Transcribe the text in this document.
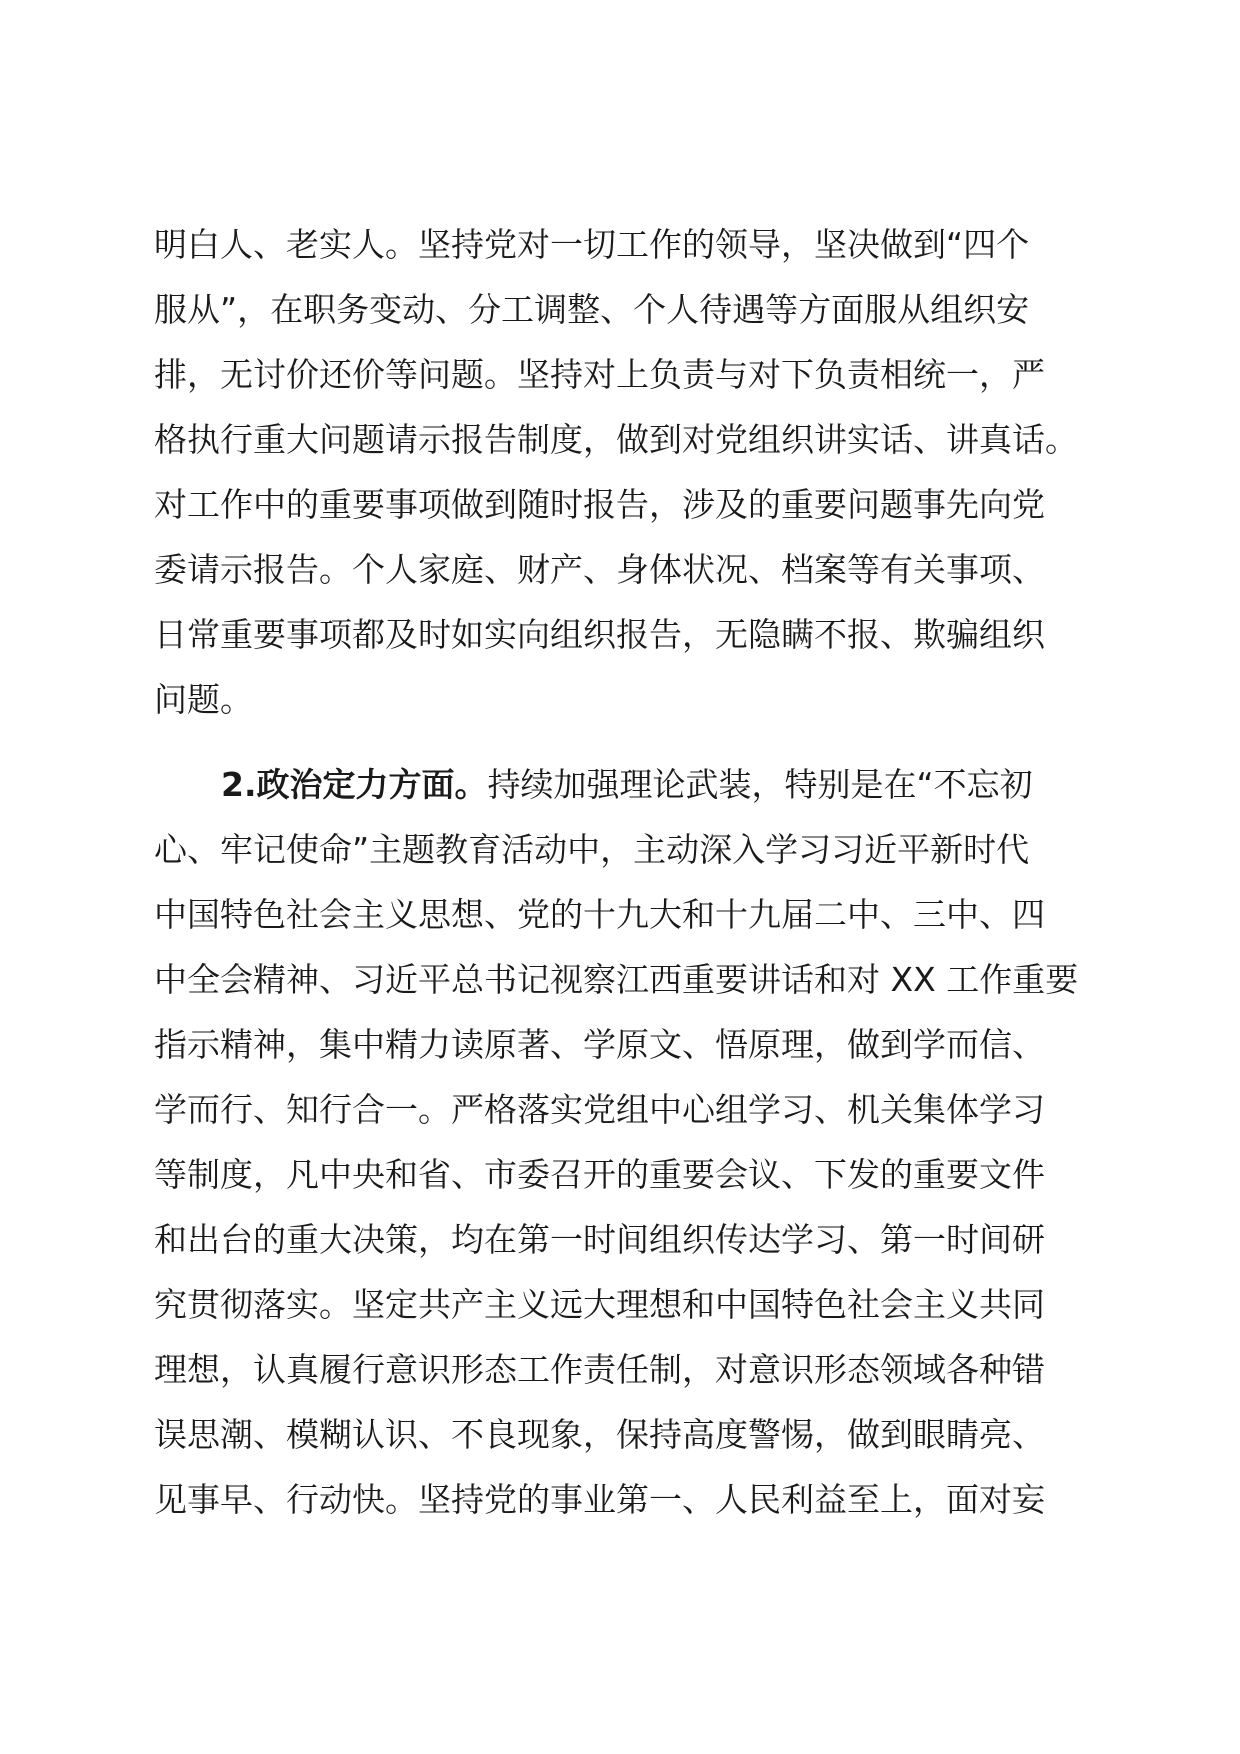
明白人、老实人。坚持党对一切工作的领导，坚决做到“四个
服从”，在职务变动、分工调整、个人待遇等方面服从组织安
排，无讨价还价等问题。坚持对上负责与对下负责相统一，严
格执行重大问题请示报告制度，做到对党组织讲实话、讲真话。
对工作中的重要事项做到随时报告，涉及的重要问题事先向党
委请示报告。个人家庭、财产、身体状况、档案等有关事项、
日常重要事项都及时如实向组织报告，无隐瞒不报、欺骗组织
问题。
2.政治定力方面。持续加强理论武装，特别是在“不忘初
心、牢记使命”主题教育活动中，主动深入学习习近平新时代
中国特色社会主义思想、党的十九大和十九届二中、三中、四
中全会精神、习近平总书记视察江西重要讲话和对 XX 工作重要
指示精神，集中精力读原著、学原文、悟原理，做到学而信、
学而行、知行合一。严格落实党组中心组学习、机关集体学习
等制度，凡中央和省、市委召开的重要会议、下发的重要文件
和出台的重大决策，均在第一时间组织传达学习、第一时间研
究贯彻落实。坚定共产主义远大理想和中国特色社会主义共同
理想，认真履行意识形态工作责任制，对意识形态领域各种错
误思潮、模糊认识、不良现象，保持高度警惕，做到眼睛亮、
见事早、行动快。坚持党的事业第一、人民利益至上，面对妄
